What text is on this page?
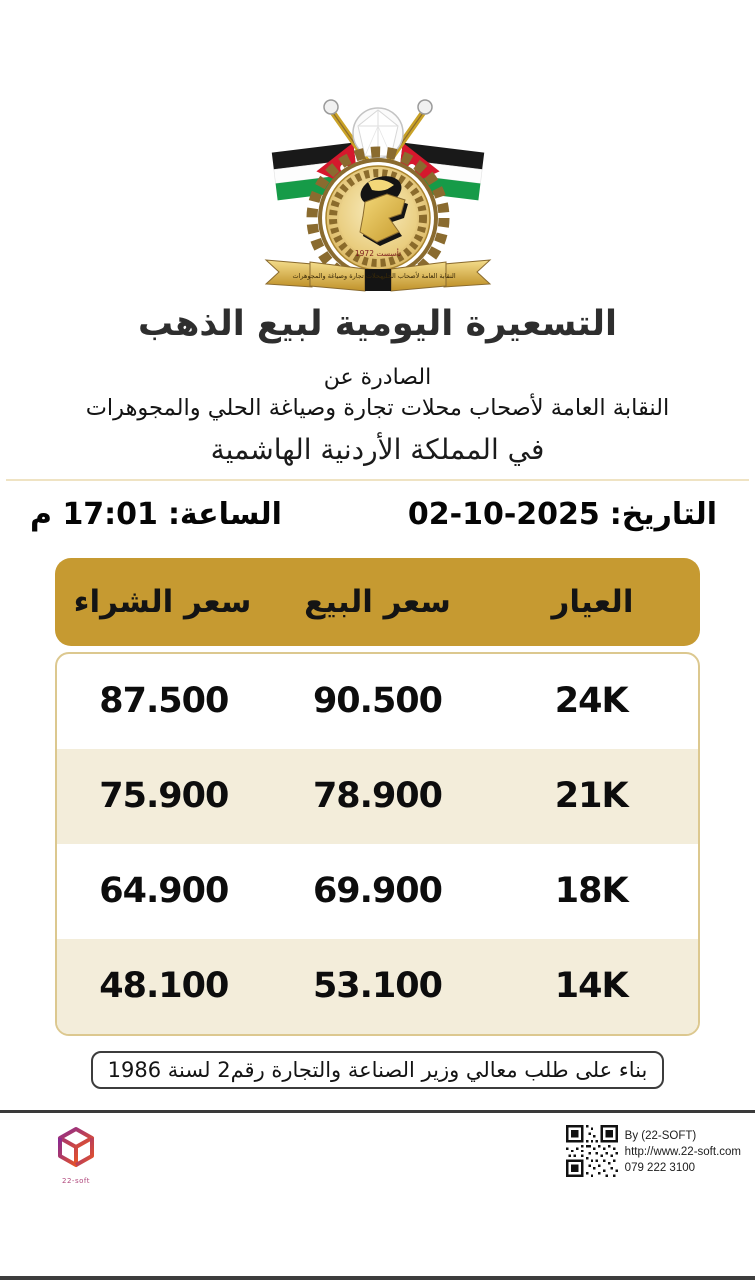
تأسست 1972
النقابة العامة لأصحاب الحلي
محلات تجارة وصياغة والمجوهرات
التسعيرة اليومية لبيع الذهب
الصادرة عن
النقابة العامة لأصحاب محلات تجارة وصياغة الحلي والمجوهرات
في المملكة الأردنية الهاشمية
التاريخ:
02-10-2025
الساعة:
17:01 م
العيار
سعر البيع
سعر الشراء
24K
90.500
87.500
21K
78.900
75.900
18K
69.900
64.900
14K
53.100
48.100
بناء على طلب معالي وزير الصناعة والتجارة رقم2 لسنة 1986
22-soft
By (22-SOFT)
http://www.22-soft.com
079 222 3100
